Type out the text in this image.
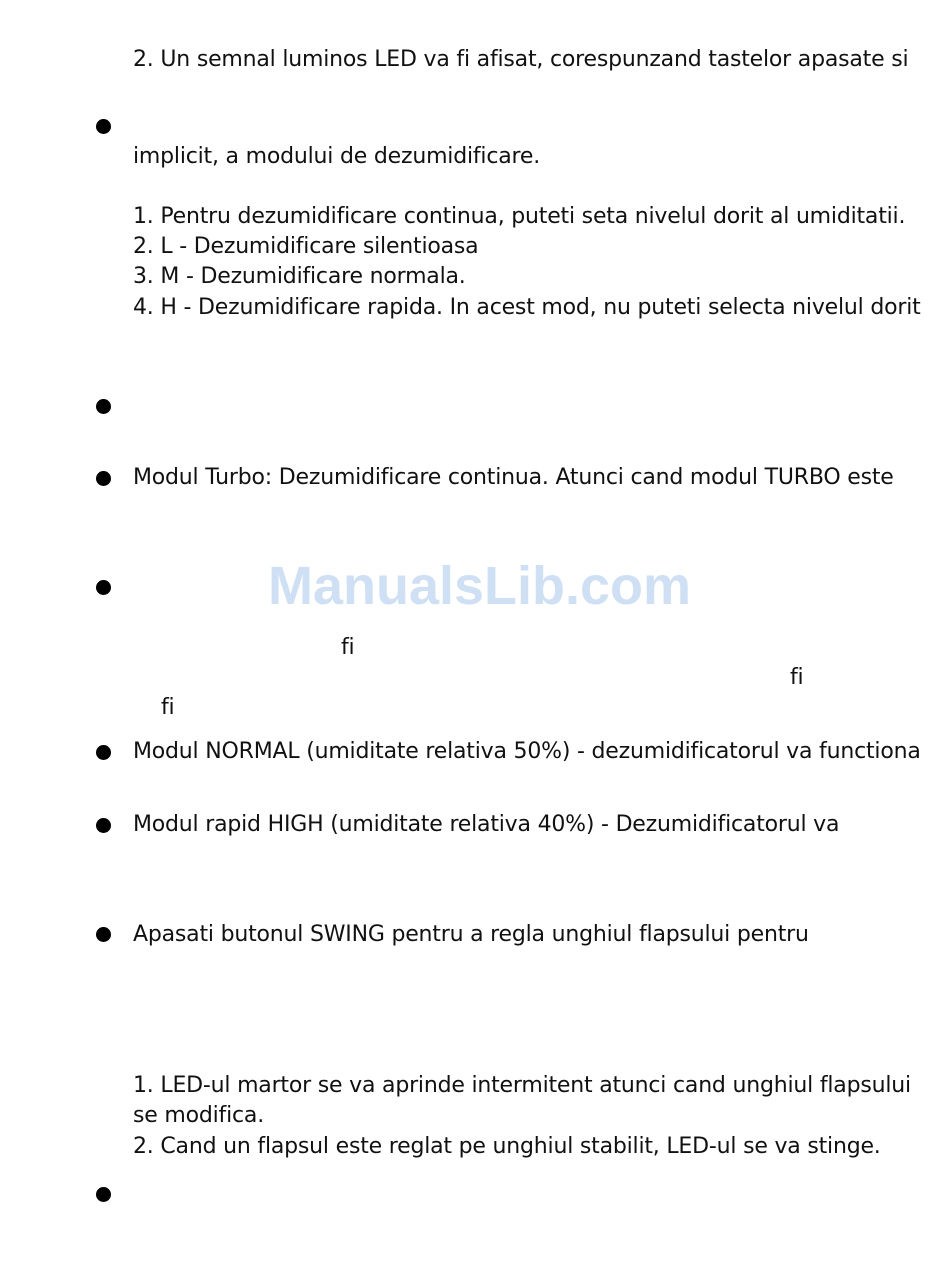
2. Un semnal luminos LED va fi afisat, corespunzand tastelor apasate si
implicit, a modului de dezumidificare.
1. Pentru dezumidificare continua, puteti seta nivelul dorit al umiditatii.
2. L - Dezumidificare silentioasa
3. M - Dezumidificare normala.
4. H - Dezumidificare rapida. In acest mod, nu puteti selecta nivelul dorit
Modul Turbo: Dezumidificare continua. Atunci cand modul TURBO este
ManualsLib.com
fi
fi
fi
Modul NORMAL (umiditate relativa 50%) - dezumidificatorul va functiona
Modul rapid HIGH (umiditate relativa 40%) - Dezumidificatorul va
Apasati butonul SWING pentru a regla unghiul flapsului pentru
1. LED-ul martor se va aprinde intermitent atunci cand unghiul flapsului
se modifica.
2. Cand un flapsul este reglat pe unghiul stabilit, LED-ul se va stinge.
